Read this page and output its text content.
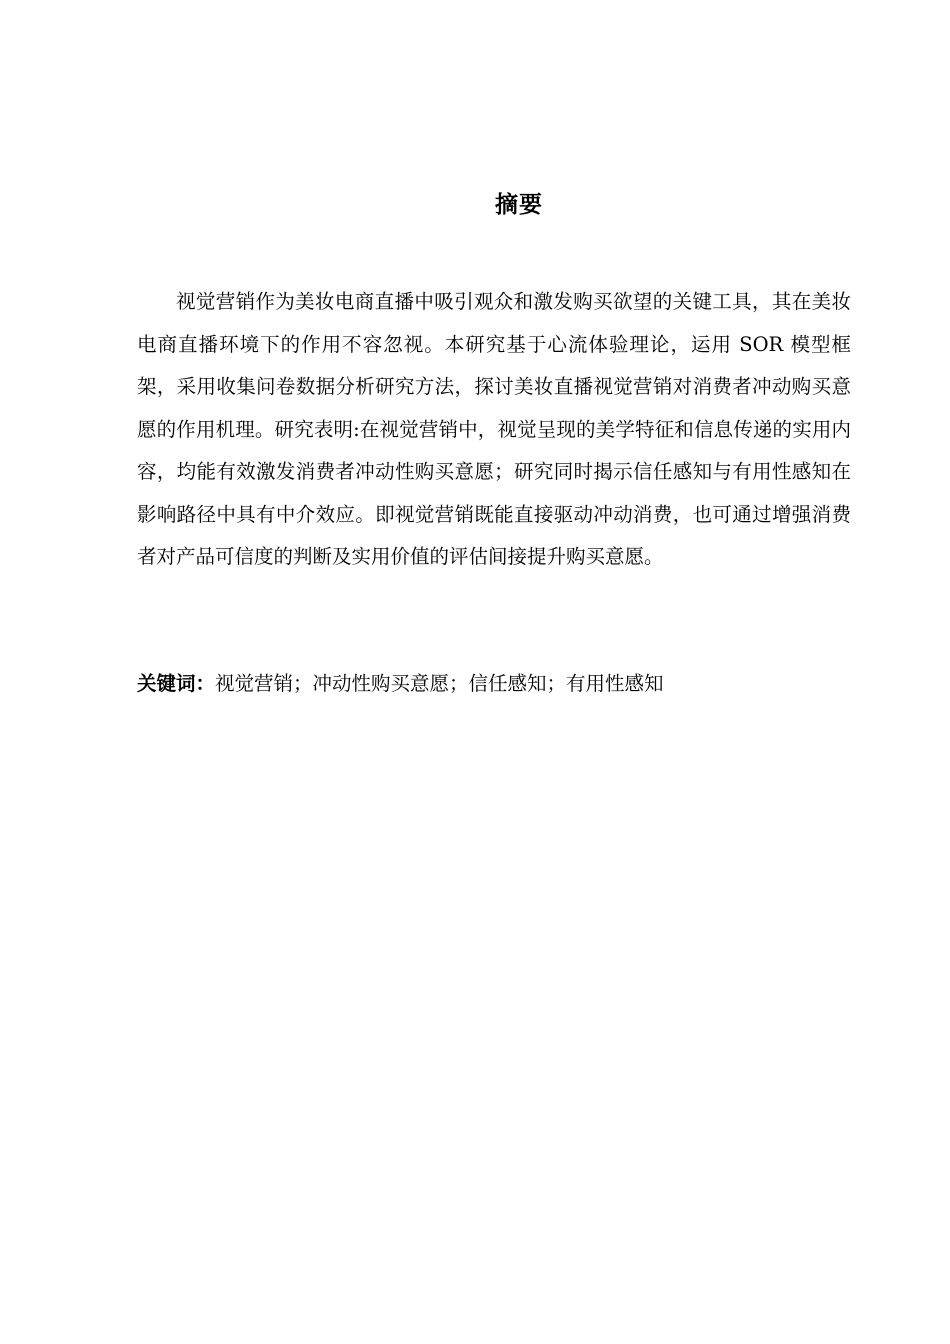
摘要

视觉营销作为美妆电商直播中吸引观众和激发购买欲望的关键工具，其在美妆电商直播环境下的作用不容忽视。本研究基于心流体验理论，运用 SOR 模型框架，采用收集问卷数据分析研究方法，探讨美妆直播视觉营销对消费者冲动购买意愿的作用机理。研究表明:在视觉营销中，视觉呈现的美学特征和信息传递的实用内容，均能有效激发消费者冲动性购买意愿；研究同时揭示信任感知与有用性感知在影响路径中具有中介效应。即视觉营销既能直接驱动冲动消费，也可通过增强消费者对产品可信度的判断及实用价值的评估间接提升购买意愿。

关键词：视觉营销；冲动性购买意愿；信任感知；有用性感知
